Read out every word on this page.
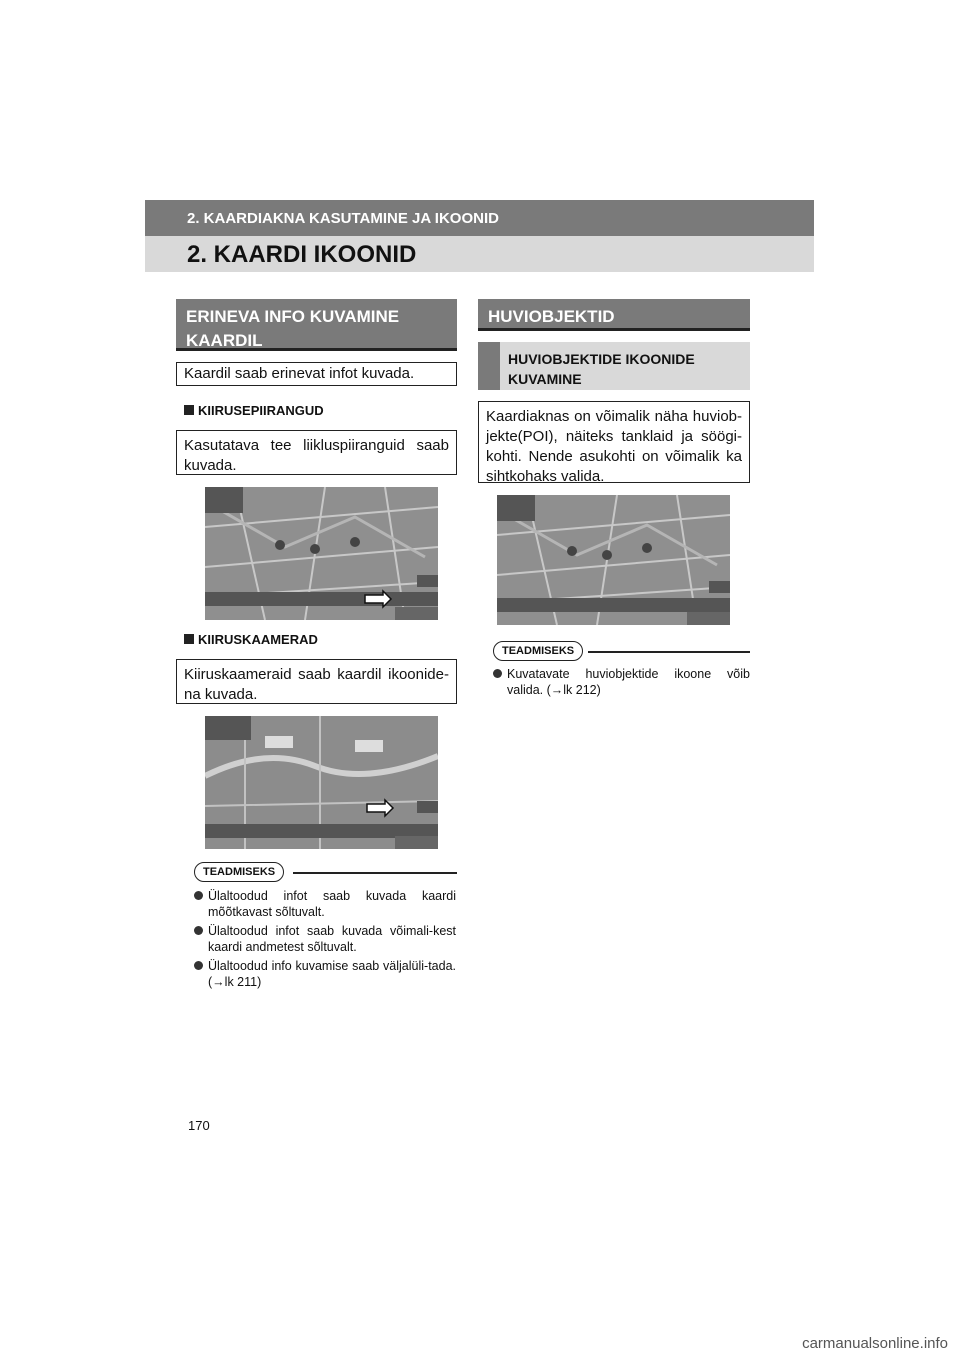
2. KAARDIAKNA KASUTAMINE JA IKOONID
2. KAARDI IKOONID
ERINEVA INFO KUVAMINE KAARDIL
Kaardil saab erinevat infot kuvada.
KIIRUSEPIIRANGUD
Kasutatava tee liikluspiiranguid saab kuvada.
KIIRUSKAAMERAD
Kiiruskaameraid saab kaardil ikoonide-na kuvada.
TEADMISEKS
Ülaltoodud infot saab kuvada kaardi mõõtkavast sõltuvalt.
Ülaltoodud infot saab kuvada võimali-kest kaardi andmetest sõltuvalt.
Ülaltoodud info kuvamise saab väljalüli-tada. (→lk 211)
HUVIOBJEKTID
HUVIOBJEKTIDE IKOONIDE KUVAMINE
Kaardiaknas on võimalik näha huviob-jekte(POI), näiteks tanklaid ja söögi-kohti. Nende asukohti on võimalik ka sihtkohaks valida.
TEADMISEKS
Kuvatavate huviobjektide ikoone võib valida. (→lk 212)
170
carmanualsonline.info
